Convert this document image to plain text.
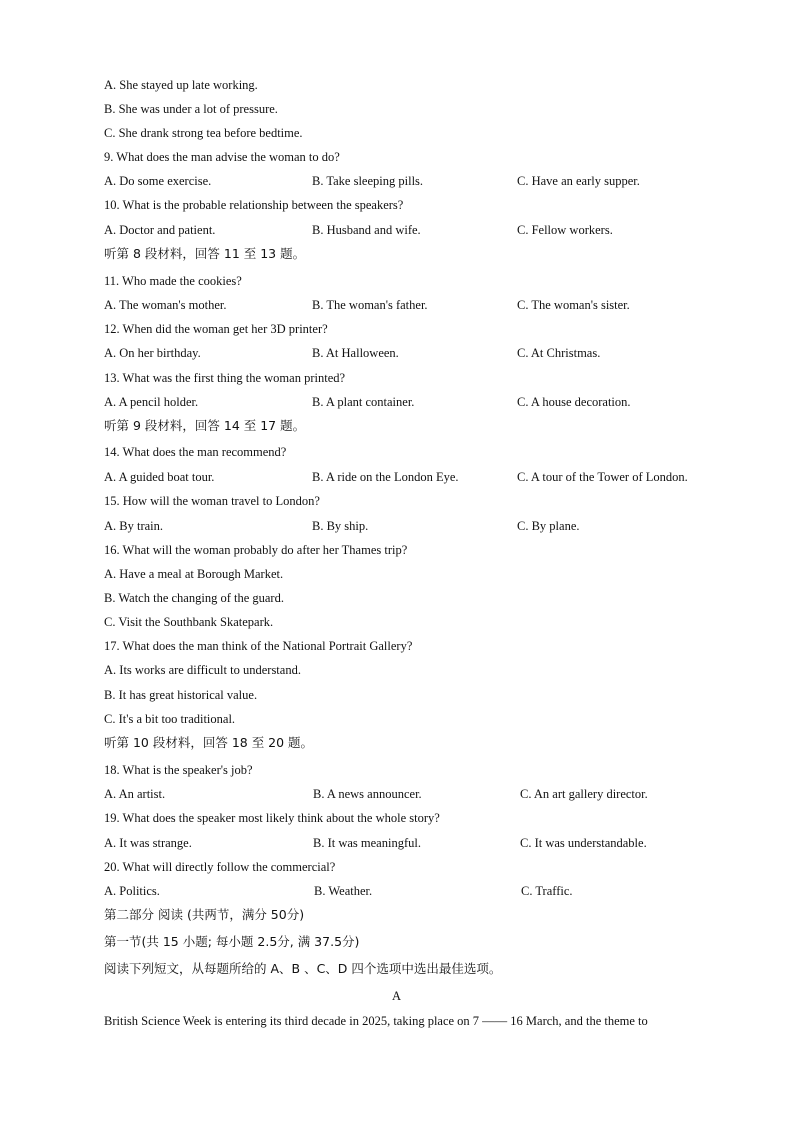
A. She stayed up late working.
B. She was under a lot of pressure.
C. She drank strong tea before bedtime.
9. What does the man advise the woman to do?
A. Do some exercise.	B. Take sleeping pills.	C. Have an early supper.
10. What is the probable relationship between the speakers?
A. Doctor and patient.	B. Husband and wife.	C. Fellow workers.
听第 8 段材料，回答 11 至 13 题。
11. Who made the cookies?
A. The woman's mother.	B. The woman's father.	C. The woman's sister.
12. When did the woman get her 3D printer?
A. On her birthday.	B. At Halloween.	C. At Christmas.
13. What was the first thing the woman printed?
A. A pencil holder.	B. A plant container.	C. A house decoration.
听第 9 段材料，回答 14 至 17 题。
14. What does the man recommend?
A. A guided boat tour.	B. A ride on the London Eye.	C. A tour of the Tower of London.
15. How will the woman travel to London?
A. By train.	B. By ship.	C. By plane.
16. What will the woman probably do after her Thames trip?
A. Have a meal at Borough Market.
B. Watch the changing of the guard.
C. Visit the Southbank Skatepark.
17. What does the man think of the National Portrait Gallery?
A. Its works are difficult to understand.
B. It has great historical value.
C. It's a bit too traditional.
听第 10 段材料，回答 18 至 20 题。
18. What is the speaker's job?
A. An artist.	B. A news announcer.	C. An art gallery director.
19. What does the speaker most likely think about the whole story?
A. It was strange.	B. It was meaningful.	C. It was understandable.
20. What will directly follow the commercial?
A. Politics.	B. Weather.	C. Traffic.
第二部分 阅读 (共两节，满分 50分)
第一节(共 15 小题; 每小题 2.5分, 满 37.5分)
阅读下列短文，从每题所给的 A、B 、C、D 四个选项中选出最佳选项。
A
British Science Week is entering its third decade in 2025, taking place on 7 —— 16 March, and the theme to
